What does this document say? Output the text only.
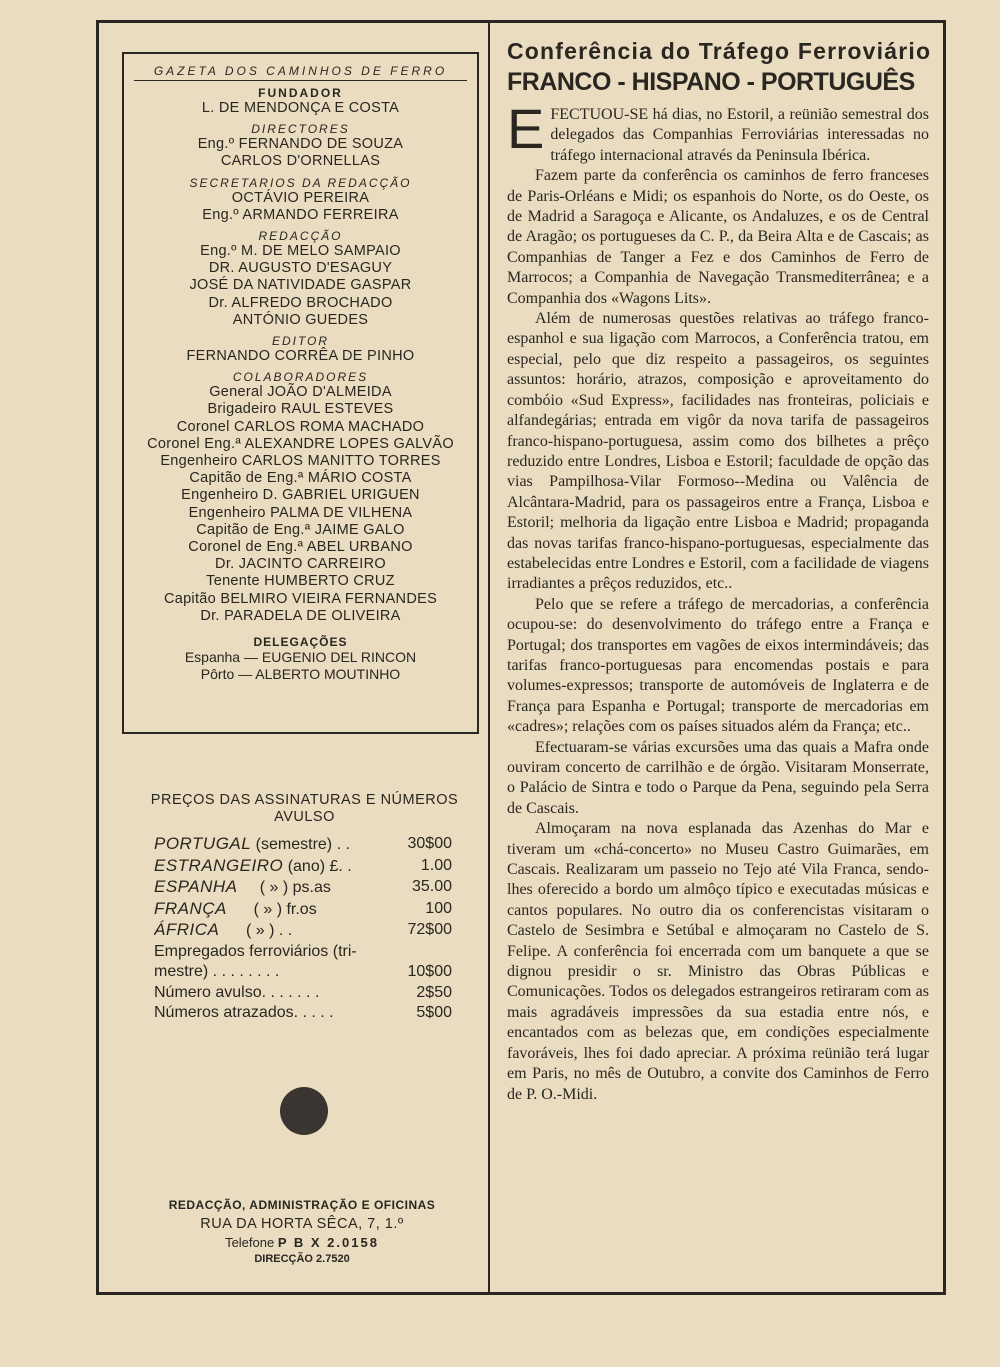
GAZETA DOS CAMINHOS DE FERRO
FUNDADOR
L. DE MENDONÇA E COSTA
DIRECTORES
Eng.º FERNANDO DE SOUZA
CARLOS D'ORNELLAS
SECRETARIOS DA REDACÇÃO
OCTÁVIO PEREIRA
Eng.º ARMANDO FERREIRA
REDACÇÃO
Eng.º M. DE MELO SAMPAIO
DR. AUGUSTO D'ESAGUY
JOSÉ DA NATIVIDADE GASPAR
Dr. ALFREDO BROCHADO
ANTÓNIO GUEDES
EDITOR
FERNANDO CORRÊA DE PINHO
COLABORADORES
General JOÃO D'ALMEIDA
Brigadeiro RAUL ESTEVES
Coronel CARLOS ROMA MACHADO
Coronel Eng.ª ALEXANDRE LOPES GALVÃO
Engenheiro CARLOS MANITTO TORRES
Capitão de Eng.ª MÁRIO COSTA
Engenheiro D. GABRIEL URIGUEN
Engenheiro PALMA DE VILHENA
Capitão de Eng.ª JAIME GALO
Coronel de Eng.ª ABEL URBANO
Dr. JACINTO CARREIRO
Tenente HUMBERTO CRUZ
Capitão BELMIRO VIEIRA FERNANDES
Dr. PARADELA DE OLIVEIRA
DELEGAÇÕES
Espanha — EUGENIO DEL RINCON
Pôrto — ALBERTO MOUTINHO
PREÇOS DAS ASSINATURAS E NÚMEROS AVULSO
PORTUGAL (semestre) . .	30$00
ESTRANGEIRO (ano) £. .	1.00
ESPANHA     ( » ) ps.as	35.00
FRANÇA      ( » ) fr.os	100
ÁFRICA      ( » ) . .	72$00
Empregados ferroviários (tri-mestre) . . . . . . . .	10$00
Número avulso. . . . . . .	2$50
Números atrazados. . . . .	5$00
REDACÇÃO, ADMINISTRAÇÃO E OFICINAS
RUA DA HORTA SÊCA, 7, 1.º
Telefone P B X 2.0158
DIRECÇÃO 2.7520
Conferência do Tráfego Ferroviário
FRANCO - HISPANO - PORTUGUÊS

EFECTUOU-SE há dias, no Estoril, a reünião semestral dos delegados das Companhias Ferroviárias interessadas no tráfego internacional através da Peninsula Ibérica.

Fazem parte da conferência os caminhos de ferro franceses de Paris-Orléans e Midi; os espanhois do Norte, os do Oeste, os de Madrid a Saragoça e Alicante, os Andaluzes, e os de Central de Aragão; os portugueses da C. P., da Beira Alta e de Cascais; as Companhias de Tanger a Fez e dos Caminhos de Ferro de Marrocos; a Companhia de Navegação Transmediterrânea; e a Companhia dos «Wagons Lits».

Além de numerosas questões relativas ao tráfego franco-espanhol e sua ligação com Marrocos, a Conferência tratou, em especial, pelo que diz respeito a passageiros, os seguintes assuntos: horário, atrazos, composição e aproveitamento do combóio «Sud Express», facilidades nas fronteiras, policiais e alfandegárias; entrada em vigôr da nova tarifa de passageiros franco-hispano-portuguesa, assim como dos bilhetes a prêço reduzido entre Londres, Lisboa e Estoril; faculdade de opção das vias Pampilhosa-Vilar Formoso--Medina ou Valência de Alcântara-Madrid, para os passageiros entre a França, Lisboa e Estoril; melhoria da ligação entre Lisboa e Madrid; propaganda das novas tarifas franco-hispano-portuguesas, especialmente das estabelecidas entre Londres e Estoril, com a facilidade de viagens irradiantes a prêços reduzidos, etc..

Pelo que se refere a tráfego de mercadorias, a conferência ocupou-se: do desenvolvimento do tráfego entre a França e Portugal; dos transportes em vagões de eixos intermindáveis; das tarifas franco-portuguesas para encomendas postais e para volumes-expressos; transporte de automóveis de Inglaterra e de França para Espanha e Portugal; transporte de mercadorias em «cadres»; relações com os países situados além da França; etc..

Efectuaram-se várias excursões uma das quais a Mafra onde ouviram concerto de carrilhão e de órgão. Visitaram Monserrate, o Palácio de Sintra e todo o Parque da Pena, seguindo pela Serra de Cascais.

Almoçaram na nova esplanada das Azenhas do Mar e tiveram um «chá-concerto» no Museu Castro Guimarães, em Cascais. Realizaram um passeio no Tejo até Vila Franca, sendo-lhes oferecido a bordo um almôço típico e executadas músicas e cantos populares. No outro dia os conferencistas visitaram o Castelo de Sesimbra e Setúbal e almoçaram no Castelo de S. Felipe. A conferência foi encerrada com um banquete a que se dignou presidir o sr. Ministro das Obras Públicas e Comunicações. Todos os delegados estrangeiros retiraram com as mais agradáveis impressões da sua estadia entre nós, e encantados com as belezas que, em condições especialmente favoráveis, lhes foi dado apreciar. A próxima reünião terá lugar em Paris, no mês de Outubro, a convite dos Caminhos de Ferro de P. O.-Midi.
